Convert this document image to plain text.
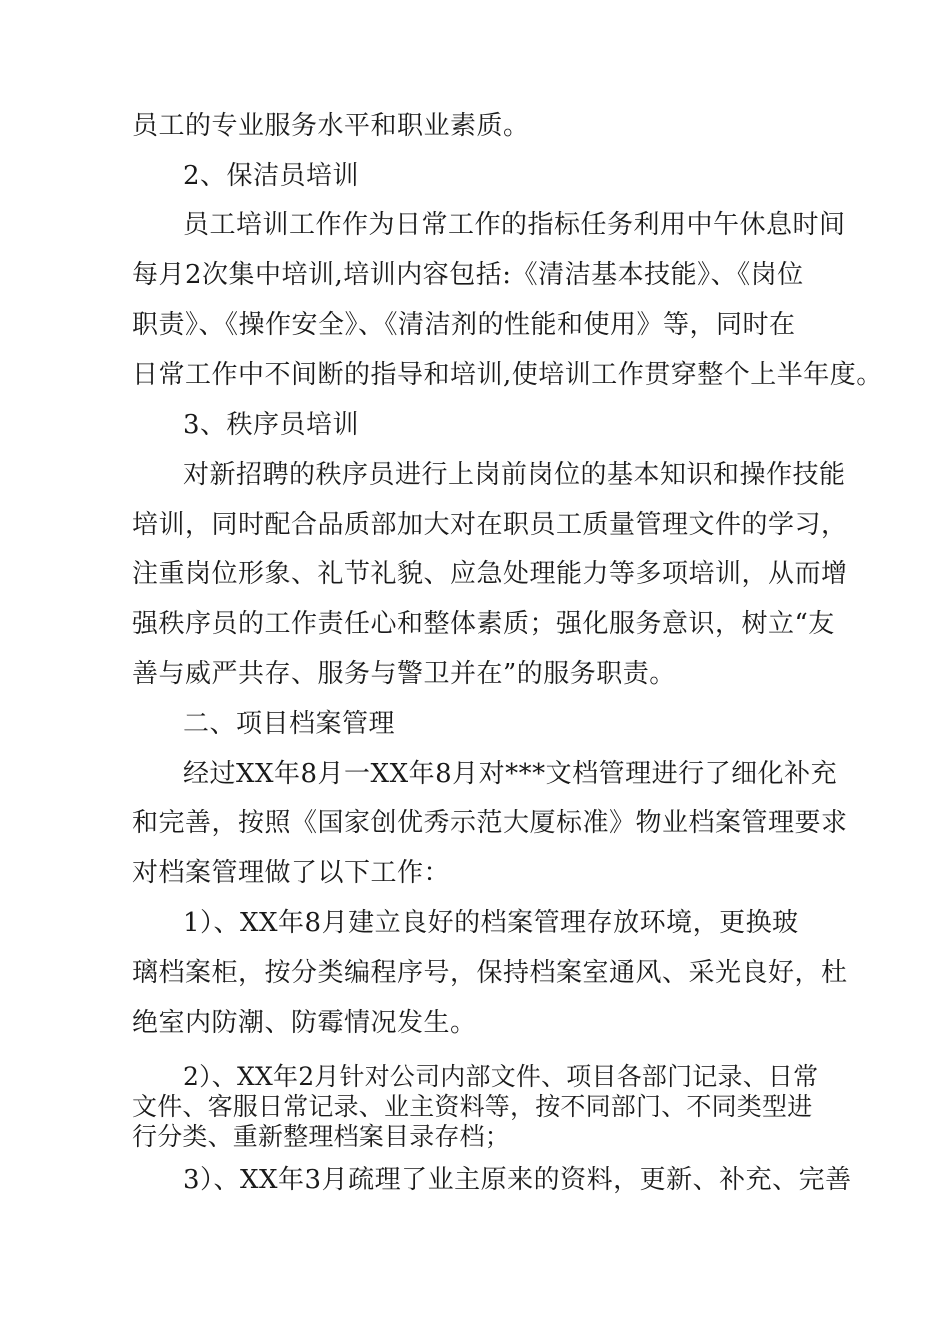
员工的专业服务水平和职业素质。
2、保洁员培训
员工培训工作作为日常工作的指标任务利用中午休息时间
每月2次集中培训,培训内容包括:《清洁基本技能》、《岗位
职责》、《操作安全》、《清洁剂的性能和使用》等，同时在
日常工作中不间断的指导和培训,使培训工作贯穿整个上半年度。
3、秩序员培训
对新招聘的秩序员进行上岗前岗位的基本知识和操作技能
培训，同时配合品质部加大对在职员工质量管理文件的学习，
注重岗位形象、礼节礼貌、应急处理能力等多项培训，从而增
强秩序员的工作责任心和整体素质；强化服务意识，树立“友
善与威严共存、服务与警卫并在”的服务职责。
二、项目档案管理
经过XX年8月一XX年8月对***文档管理进行了细化补充
和完善，按照《国家创优秀示范大厦标准》物业档案管理要求
对档案管理做了以下工作：
1）、XX年8月建立良好的档案管理存放环境，更换玻
璃档案柜，按分类编程序号，保持档案室通风、采光良好，杜
绝室内防潮、防霉情况发生。
2）、XX年2月针对公司内部文件、项目各部门记录、日常
文件、客服日常记录、业主资料等，按不同部门、不同类型进
行分类、重新整理档案目录存档；
3）、XX年3月疏理了业主原来的资料，更新、补充、完善
